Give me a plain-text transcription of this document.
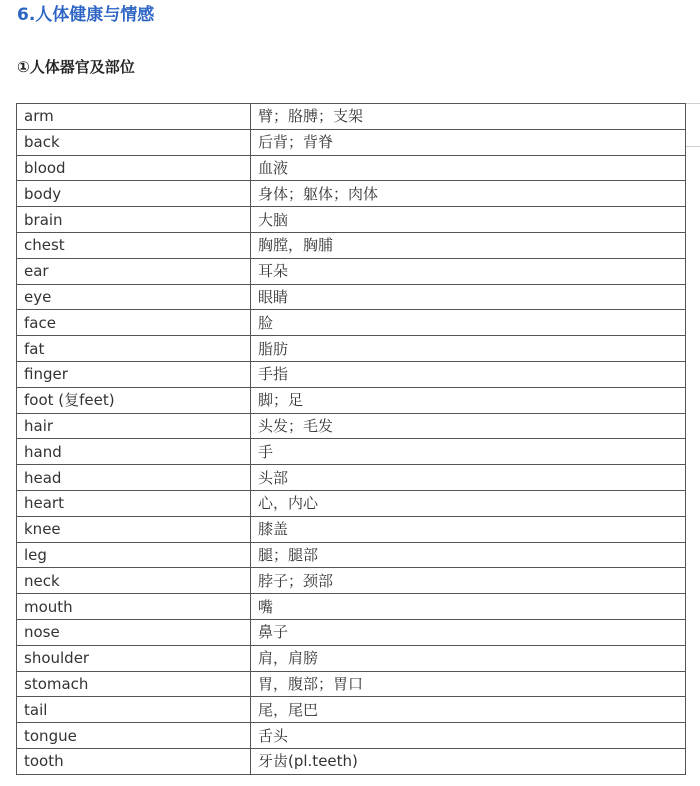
6.人体健康与情感
①人体器官及部位
arm	臂；胳膊；支架
back	后背；背脊
blood	血液
body	身体；躯体；肉体
brain	大脑
chest	胸膛，胸脯
ear	耳朵
eye	眼睛
face	脸
fat	脂肪
finger	手指
foot (复feet)	脚；足
hair	头发；毛发
hand	手
head	头部
heart	心，内心
knee	膝盖
leg	腿；腿部
neck	脖子；颈部
mouth	嘴
nose	鼻子
shoulder	肩，肩膀
stomach	胃，腹部；胃口
tail	尾，尾巴
tongue	舌头
tooth	牙齿(pl.teeth)
